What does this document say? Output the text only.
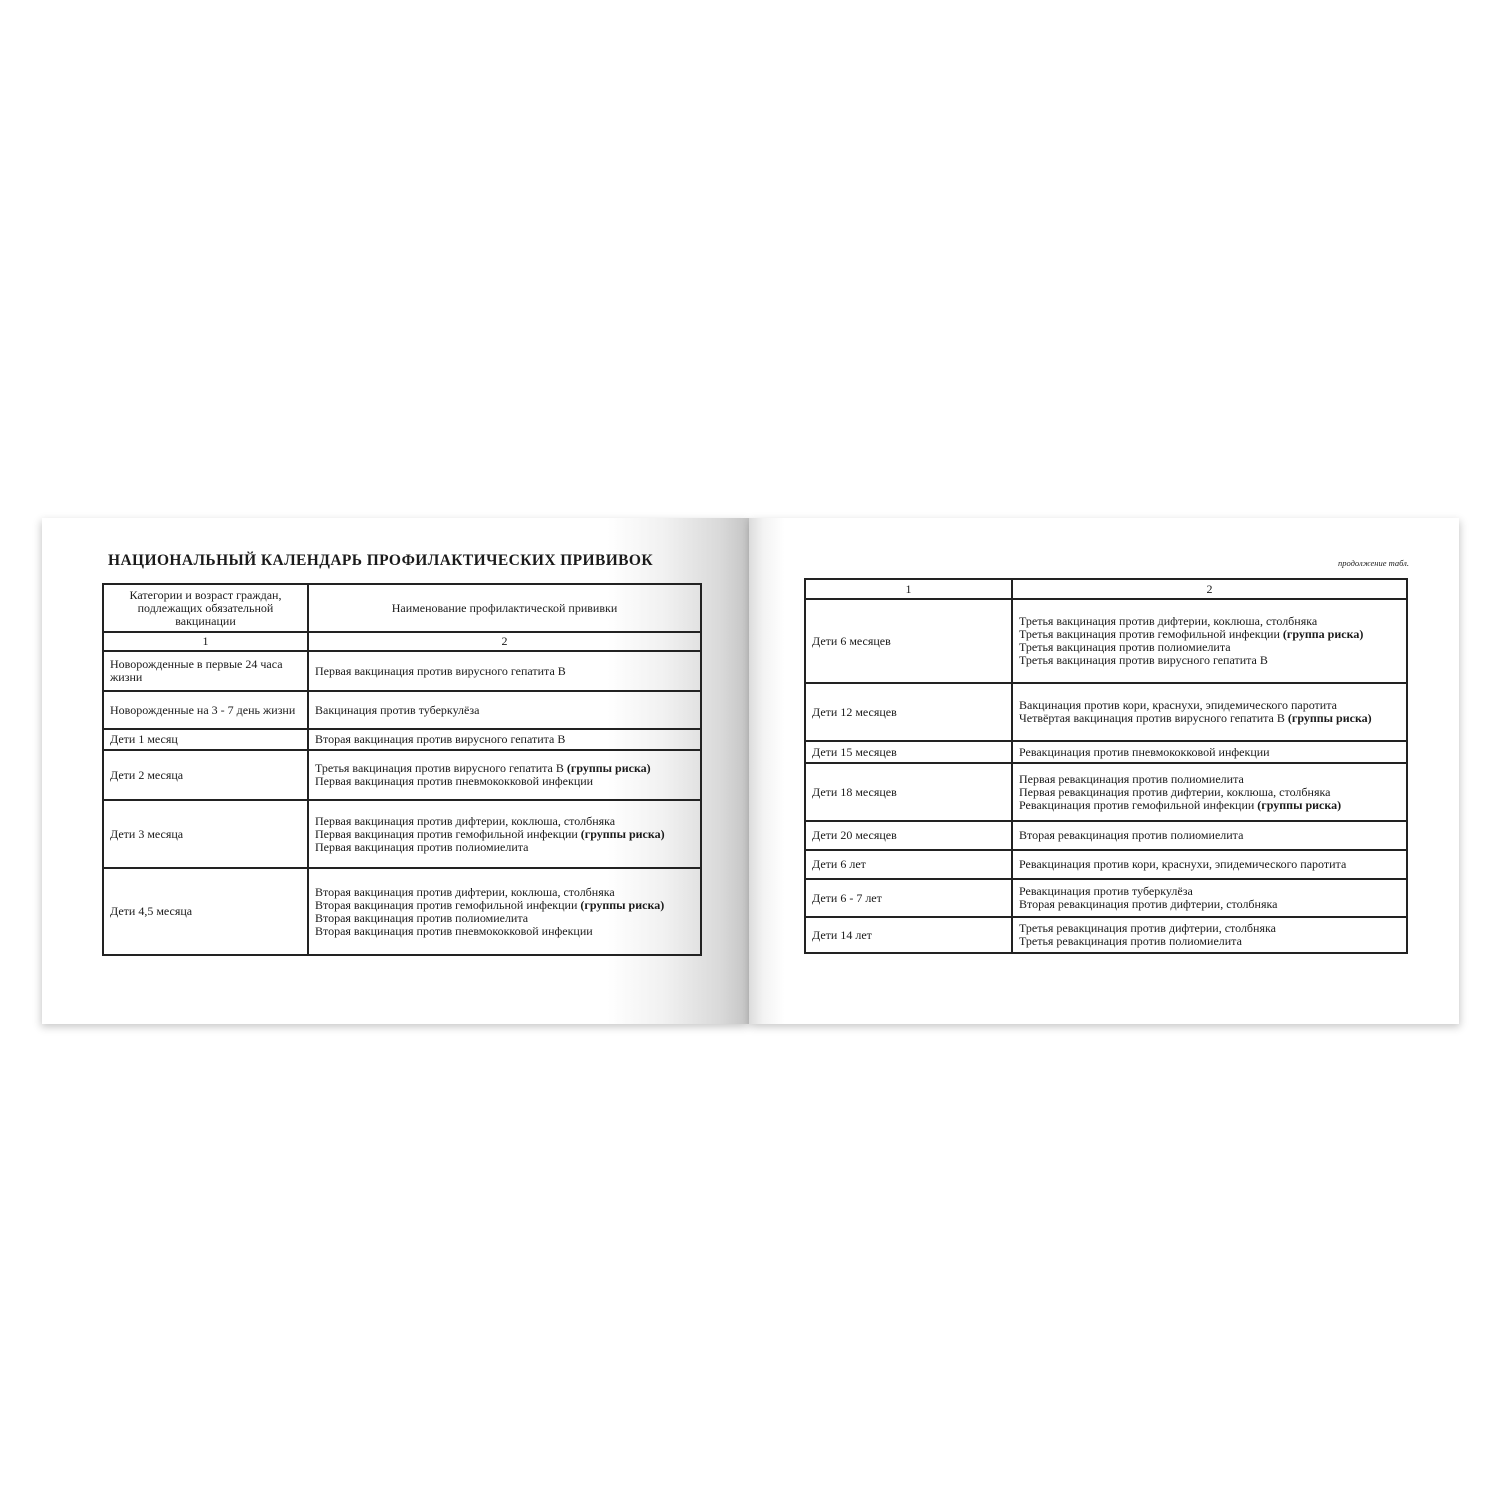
НАЦИОНАЛЬНЫЙ КАЛЕНДАРЬ ПРОФИЛАКТИЧЕСКИХ ПРИВИВОК
Категории и возраст граждан, подлежащих обязательной вакцинации	Наименование профилактической прививки
1	2
Новорожденные в первые 24 часа жизни	Первая вакцинация против вирусного гепатита В

Новорожденные на 3 - 7 день жизни	Вакцинация против туберкулёза

Дети 1 месяц	Вторая вакцинация против вирусного гепатита В

Дети 2 месяца	Третья вакцинация против вирусного гепатита В (группы риска)
Первая вакцинация против пневмококковой инфекции

Дети 3 месяца	Первая вакцинация против дифтерии, коклюша, столбняка
Первая вакцинация против гемофильной инфекции (группы риска)
Первая вакцинация против полиомиелита

Дети 4,5 месяца	Вторая вакцинация против дифтерии, коклюша, столбняка
Вторая вакцинация против гемофильной инфекции (группы риска)
Вторая вакцинация против полиомиелита
Вторая вакцинация против пневмококковой инфекции
продолжение табл.
1	2
Дети 6 месяцев	Третья вакцинация против дифтерии, коклюша, столбняка
Третья вакцинация против гемофильной инфекции (группа риска)
Третья вакцинация против полиомиелита
Третья вакцинация против вирусного гепатита В

Дети 12 месяцев	Вакцинация против кори, краснухи, эпидемического паротита
Четвёртая вакцинация против вирусного гепатита В (группы риска)

Дети 15 месяцев	Ревакцинация против пневмококковой инфекции

Дети 18 месяцев	Первая ревакцинация против полиомиелита
Первая ревакцинация против дифтерии, коклюша, столбняка
Ревакцинация против гемофильной инфекции (группы риска)

Дети 20 месяцев	Вторая ревакцинация против полиомиелита

Дети 6 лет	Ревакцинация против кори, краснухи, эпидемического паротита

Дети 6 - 7 лет	Ревакцинация против туберкулёза
Вторая ревакцинация против дифтерии, столбняка

Дети 14 лет	Третья ревакцинация против дифтерии, столбняка
Третья ревакцинация против полиомиелита
